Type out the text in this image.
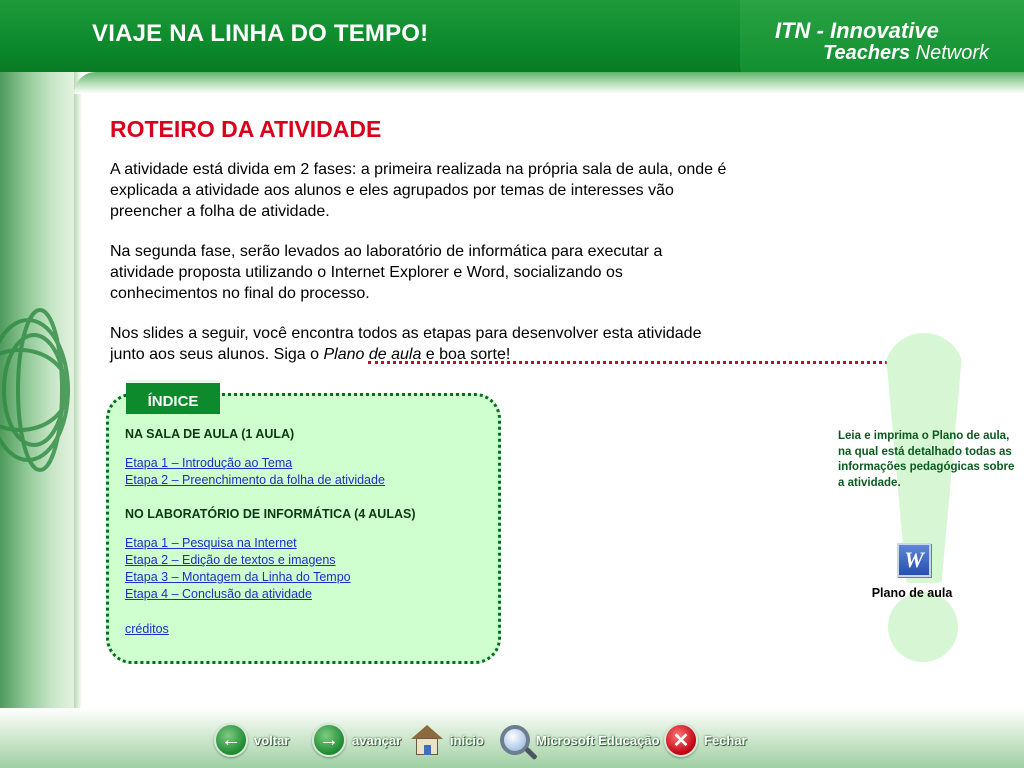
VIAJE NA LINHA DO TEMPO!	ITN - Innovative
Teachers Network
ROTEIRO DA ATIVIDADE

A atividade está divida em 2 fases: a primeira realizada na própria sala de aula, onde é explicada a atividade aos alunos e eles agrupados por temas de interesses vão preencher a folha de atividade.

Na segunda fase, serão levados ao laboratório de informática para executar a atividade proposta utilizando o Internet Explorer e Word, socializando os conhecimentos no final do processo.

Nos slides a seguir, você encontra todos as etapas para desenvolver esta atividade junto aos seus alunos. Siga o Plano de aula e boa sorte!

ÍNDICE
NA SALA DE AULA (1 AULA)
Etapa 1 – Introdução ao Tema
Etapa 2 – Preenchimento da folha de atividade
NO LABORATÓRIO DE INFORMÁTICA (4 AULAS)
Etapa 1 – Pesquisa na Internet
Etapa 2 – Edição de textos e imagens
Etapa 3 – Montagem da Linha do Tempo
Etapa 4 – Conclusão da atividade
créditos
Leia e imprima o Plano de aula, na qual está detalhado todas as informações pedagógicas sobre a atividade.
W
Plano de aula
←	voltar	→	avançar	início	Microsoft Educação ✕	Fechar
